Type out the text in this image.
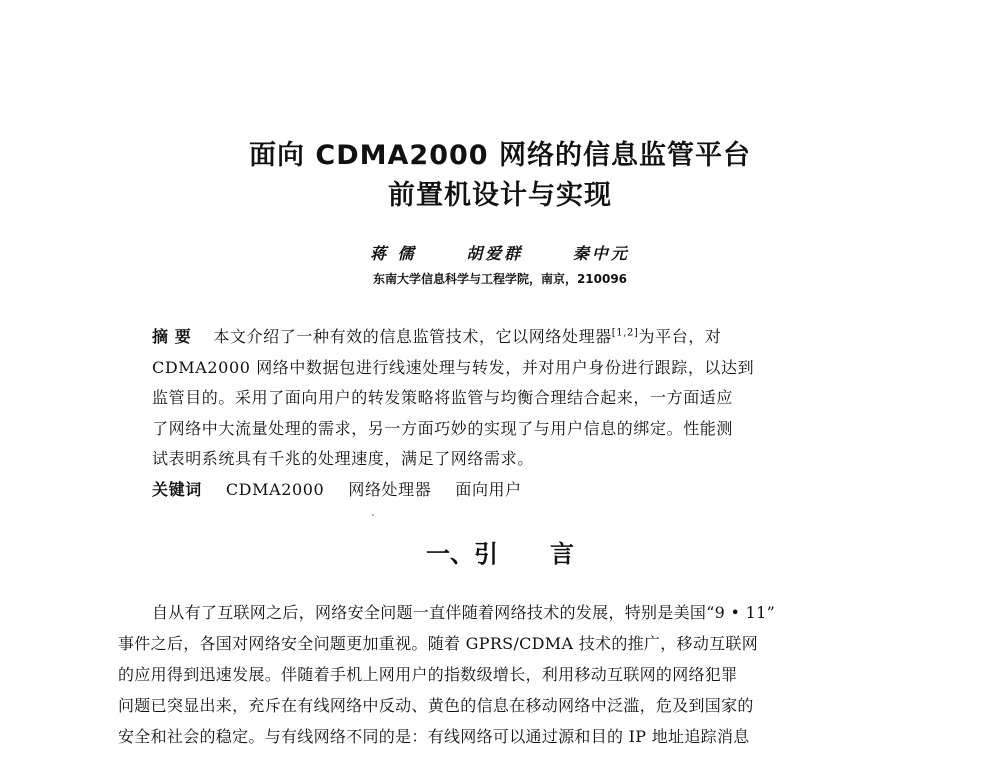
面向 CDMA2000 网络的信息监管平台
前置机设计与实现
蒋 儒	胡爱群	秦中元
东南大学信息科学与工程学院，南京，210096
摘 要 本文介绍了一种有效的信息监管技术，它以网络处理器[1,2]为平台，对
CDMA2000 网络中数据包进行线速处理与转发，并对用户身份进行跟踪，以达到
监管目的。采用了面向用户的转发策略将监管与均衡合理结合起来，一方面适应
了网络中大流量处理的需求，另一方面巧妙的实现了与用户信息的绑定。性能测
试表明系统具有千兆的处理速度，满足了网络需求。
关键词 CDMA2000 网络处理器 面向用户
一、引 言
自从有了互联网之后，网络安全问题一直伴随着网络技术的发展，特别是美国“9 • 11”
事件之后，各国对网络安全问题更加重视。随着 GPRS/CDMA 技术的推广，移动互联网
的应用得到迅速发展。伴随着手机上网用户的指数级增长，利用移动互联网的网络犯罪
问题已突显出来，充斥在有线网络中反动、黄色的信息在移动网络中泛滥，危及到国家的
安全和社会的稳定。与有线网络不同的是：有线网络可以通过源和目的 IP 地址追踪消息
